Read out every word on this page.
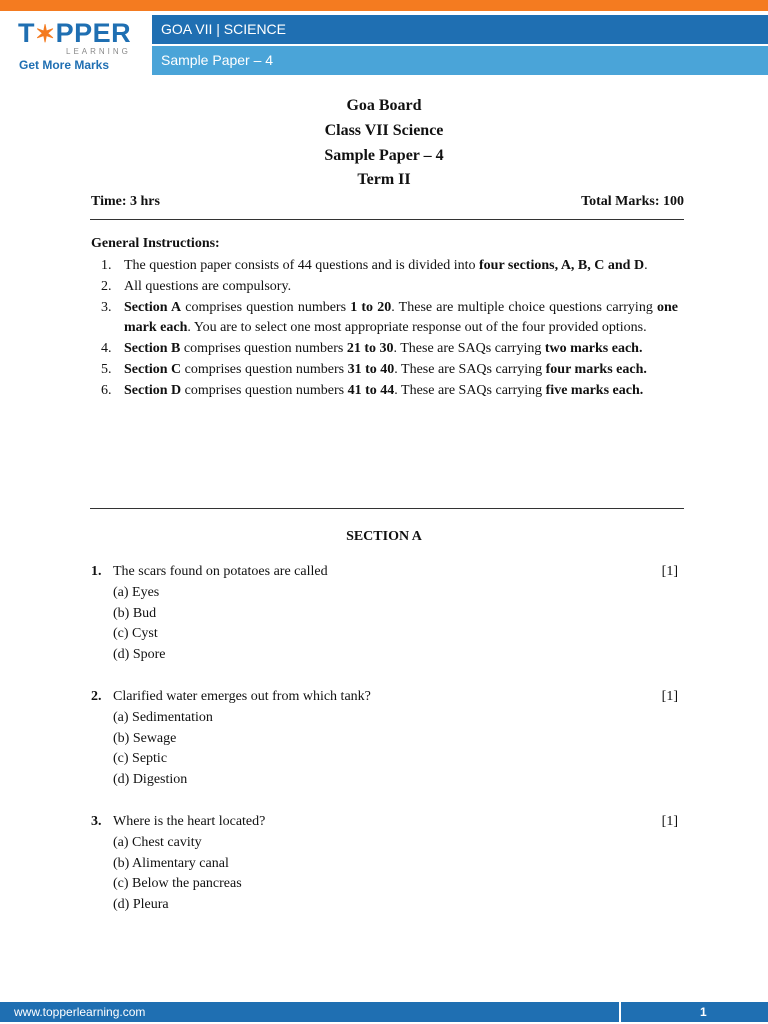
T✶PPER
LEARNING
Get More Marks
GOA VII | SCIENCE
Sample Paper – 4
Goa Board
Class VII Science
Sample Paper – 4
Term II
Time: 3 hrs	Total Marks: 100
General Instructions:
1. The question paper consists of 44 questions and is divided into four sections, A, B, C and D.
2. All questions are compulsory.
3. Section A comprises question numbers 1 to 20. These are multiple choice questions carrying one mark each. You are to select one most appropriate response out of the four provided options.
4. Section B comprises question numbers 21 to 30. These are SAQs carrying two marks each.
5. Section C comprises question numbers 31 to 40. These are SAQs carrying four marks each.
6. Section D comprises question numbers 41 to 44. These are SAQs carrying five marks each.
SECTION A
1. The scars found on potatoes are called	[1]
(a) Eyes
(b) Bud
(c) Cyst
(d) Spore
2. Clarified water emerges out from which tank?	[1]
(a) Sedimentation
(b) Sewage
(c) Septic
(d) Digestion
3. Where is the heart located?	[1]
(a) Chest cavity
(b) Alimentary canal
(c) Below the pancreas
(d) Pleura
www.topperlearning.com	1
